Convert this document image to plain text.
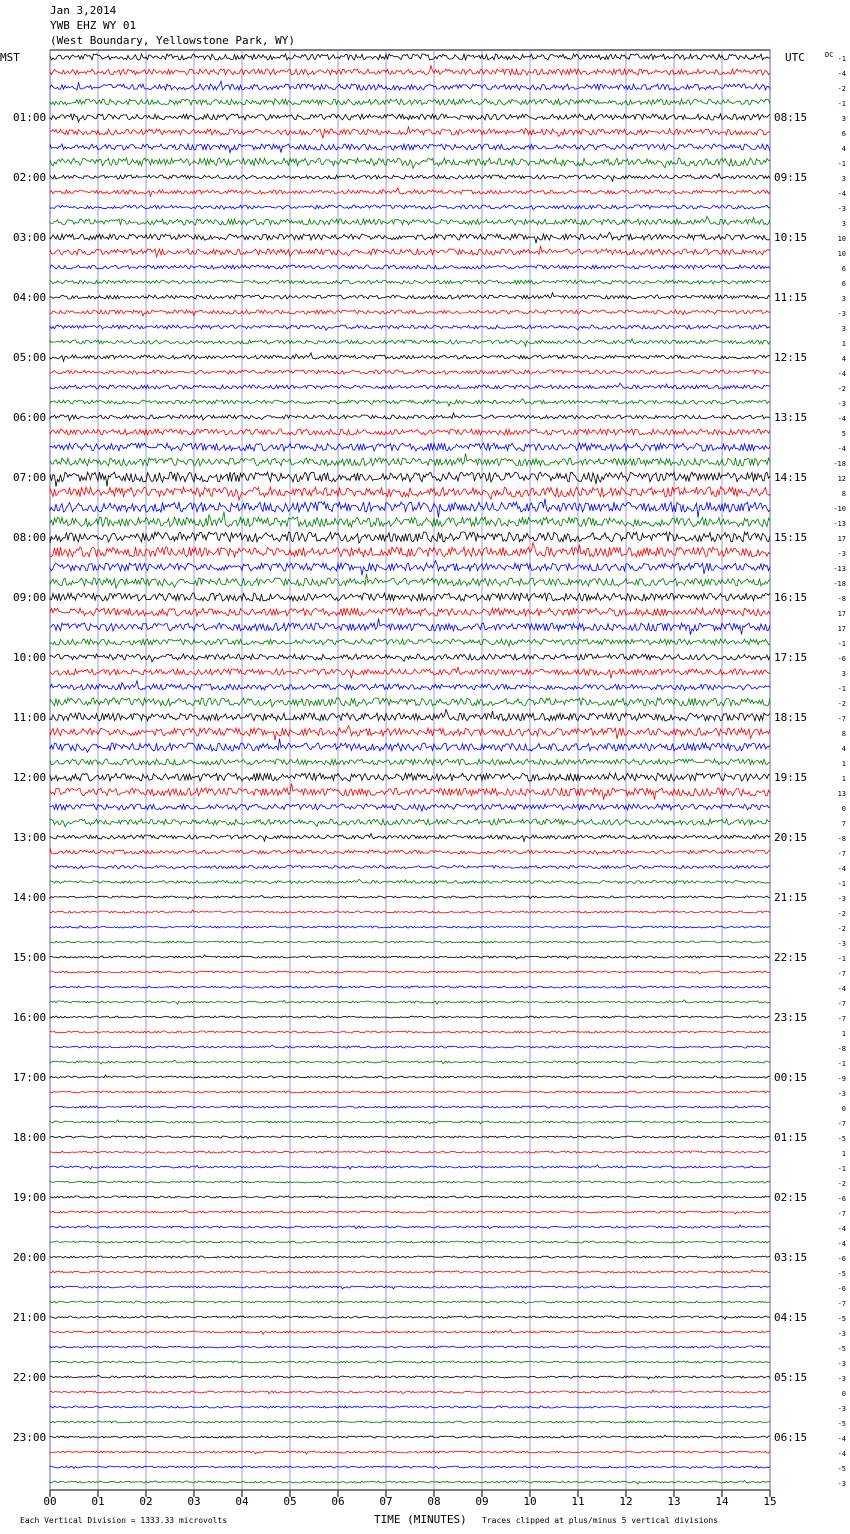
Jan 3,2014
YWB EHZ WY 01
(West Boundary, Yellowstone Park, WY)
00	01	02	03	04	05	06	07	08	09	10	11	12	13	14	15
-1
-4
-2
-1
3
6
4
-1
3
-4
-3
3
10
10
6
6
3
-3
3
1
4
-4
-2
-3
-4
5
-4
-18
12
8
-10
-13
17
-3
-13
-18
-8
17
17
-1
-6
3
-1
-2
-7
8
4
1
1
13
0
7
-8
-7
-4
-1
-3
-2
-2
-3
-1
-7
-4
-7
-7
1
-8
-1
-9
-3
0
-7
-5
1
-1
-2
-6
-7
-4
-4
-6
-5
-6
-7
-5
-3
-5
-3
-3
0
-3
-5
-4
-4
-5
-3
01:00
02:00
03:00
04:00
05:00
06:00
07:00
08:00
09:00
10:00
11:00
12:00
13:00
14:00
15:00
16:00
17:00
18:00
19:00
20:00
21:00
22:00
23:00
08:15
09:15
10:15
11:15
12:15
13:15
14:15
15:15
16:15
17:15
18:15
19:15
20:15
21:15
22:15
23:15
00:15
01:15
02:15
03:15
04:15
05:15
06:15
MST	UTC	DC
Each Vertical Division = 1333.33 microvolts	TIME (MINUTES) Traces clipped at plus/minus 5 vertical divisions
